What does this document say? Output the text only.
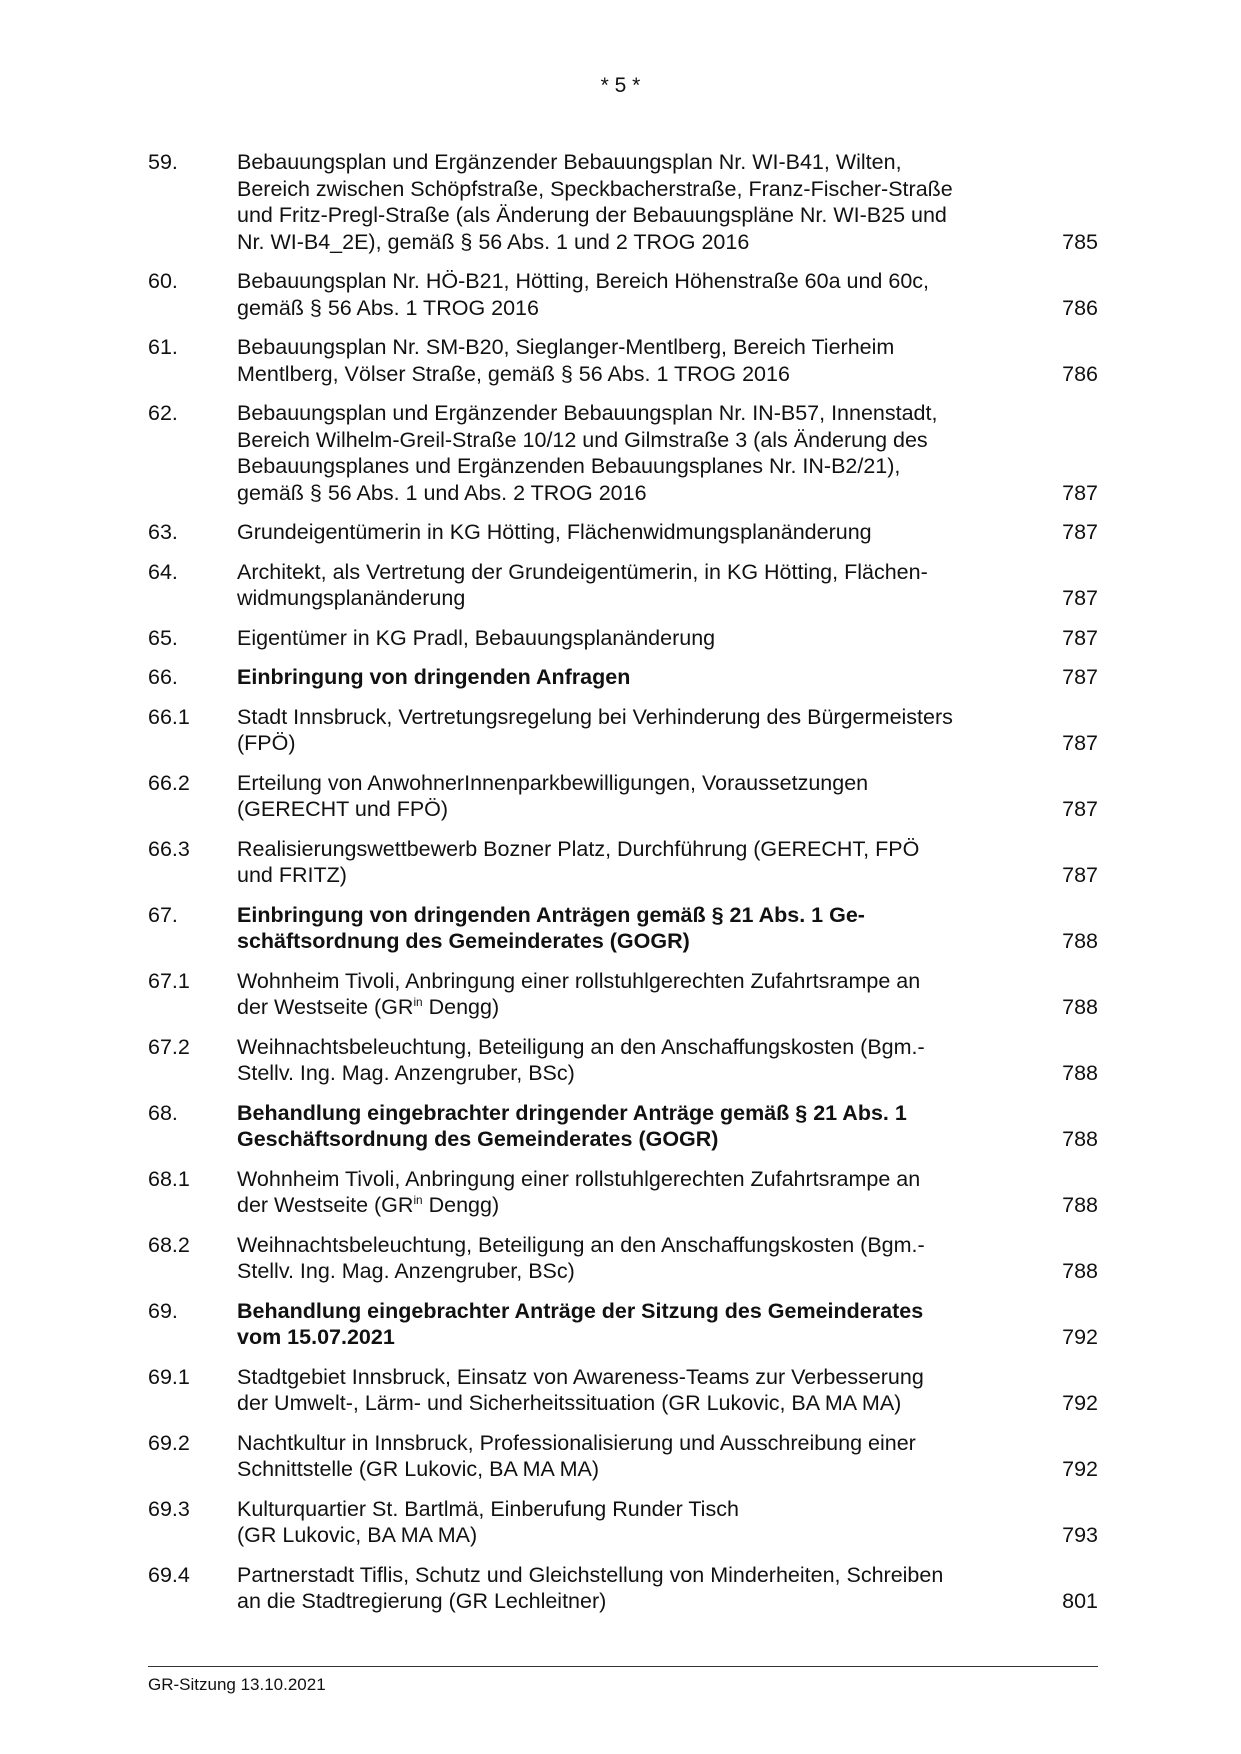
* 5 *
59.	Bebauungsplan und Ergänzender Bebauungsplan Nr. WI-B41, Wilten,
Bereich zwischen Schöpfstraße, Speckbacherstraße, Franz-Fischer-Straße
und Fritz-Pregl-Straße (als Änderung der Bebauungspläne Nr. WI-B25 und
Nr. WI-B4_2E), gemäß § 56 Abs. 1 und 2 TROG 2016	785
60.	Bebauungsplan Nr. HÖ-B21, Hötting, Bereich Höhenstraße 60a und 60c,
gemäß § 56 Abs. 1 TROG 2016	786
61.	Bebauungsplan Nr. SM-B20, Sieglanger-Mentlberg, Bereich Tierheim
Mentlberg, Völser Straße, gemäß § 56 Abs. 1 TROG 2016	786
62.	Bebauungsplan und Ergänzender Bebauungsplan Nr. IN-B57, Innenstadt,
Bereich Wilhelm-Greil-Straße 10/12 und Gilmstraße 3 (als Änderung des
Bebauungsplanes und Ergänzenden Bebauungsplanes Nr. IN-B2/21),
gemäß § 56 Abs. 1 und Abs. 2 TROG 2016	787
63.	Grundeigentümerin in KG Hötting, Flächenwidmungsplanänderung	787
64.	Architekt, als Vertretung der Grundeigentümerin, in KG Hötting, Flächen-
widmungsplanänderung	787
65.	Eigentümer in KG Pradl, Bebauungsplanänderung	787
66.	Einbringung von dringenden Anfragen	787
66.1	Stadt Innsbruck, Vertretungsregelung bei Verhinderung des Bürgermeisters
(FPÖ)	787
66.2	Erteilung von AnwohnerInnenparkbewilligungen, Voraussetzungen
(GERECHT und FPÖ)	787
66.3	Realisierungswettbewerb Bozner Platz, Durchführung (GERECHT, FPÖ
und FRITZ)	787
67.	Einbringung von dringenden Anträgen gemäß § 21 Abs. 1 Ge-
schäftsordnung des Gemeinderates (GOGR)	788
67.1	Wohnheim Tivoli, Anbringung einer rollstuhlgerechten Zufahrtsrampe an
der Westseite ($GR^{in}$ Dengg)	788
67.2	Weihnachtsbeleuchtung, Beteiligung an den Anschaffungskosten (Bgm.-
Stellv. Ing. Mag. Anzengruber, BSc)	788
68.	Behandlung eingebrachter dringender Anträge gemäß § 21 Abs. 1
Geschäftsordnung des Gemeinderates (GOGR)	788
68.1	Wohnheim Tivoli, Anbringung einer rollstuhlgerechten Zufahrtsrampe an
der Westseite ($GR^{in}$ Dengg)	788
68.2	Weihnachtsbeleuchtung, Beteiligung an den Anschaffungskosten (Bgm.-
Stellv. Ing. Mag. Anzengruber, BSc)	788
69.	Behandlung eingebrachter Anträge der Sitzung des Gemeinderates
vom 15.07.2021	792
69.1	Stadtgebiet Innsbruck, Einsatz von Awareness-Teams zur Verbesserung
der Umwelt-, Lärm- und Sicherheitssituation (GR Lukovic, BA MA MA)	792
69.2	Nachtkultur in Innsbruck, Professionalisierung und Ausschreibung einer
Schnittstelle (GR Lukovic, BA MA MA)	792
69.3	Kulturquartier St. Bartlmä, Einberufung Runder Tisch
(GR Lukovic, BA MA MA)	793
69.4	Partnerstadt Tiflis, Schutz und Gleichstellung von Minderheiten, Schreiben
an die Stadtregierung (GR Lechleitner)	801
GR-Sitzung 13.10.2021
